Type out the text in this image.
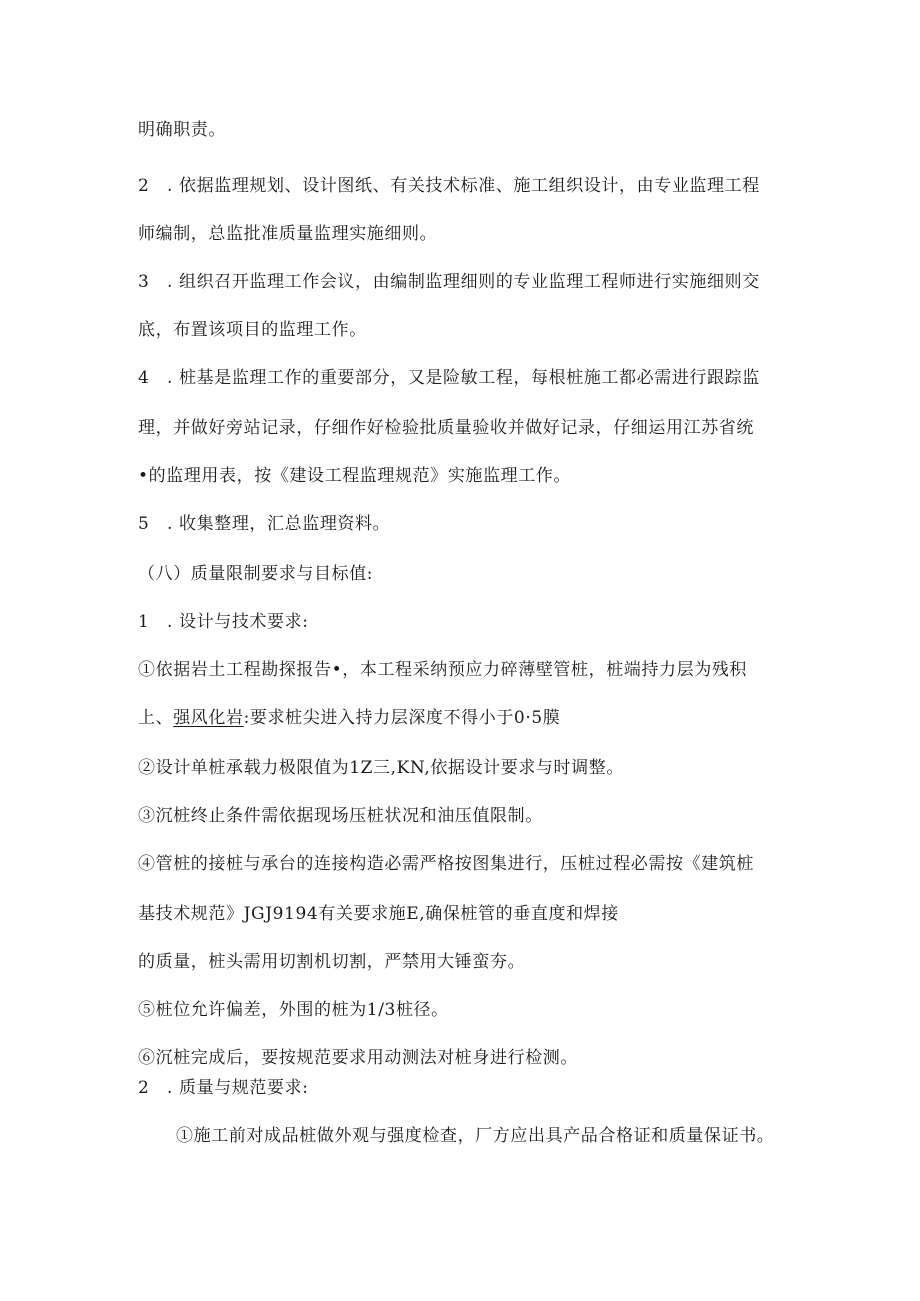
明确职责。
2　. 依据监理规划、设计图纸、有关技术标准、施工组织设计，由专业监理工程
师编制，总监批准质量监理实施细则。
3　. 组织召开监理工作会议，由编制监理细则的专业监理工程师进行实施细则交
底，布置该项目的监理工作。
4　. 桩基是监理工作的重要部分，又是险敏工程，每根桩施工都必需进行跟踪监
理，并做好旁站记录，仔细作好检验批质量验收并做好记录，仔细运用江苏省统
•的监理用表，按《建设工程监理规范》实施监理工作。
5　. 收集整理，汇总监理资料。
（八）质量限制要求与目标值:
1　. 设计与技术要求:
①依据岩土工程勘探报告•，本工程采纳预应力碎薄壁管桩，桩端持力层为残积
上、强风化岩:要求桩尖进入持力层深度不得小于0·5膜
②设计单桩承载力极限值为1Z三,KN,依据设计要求与时调整。
③沉桩终止条件需依据现场压桩状况和油压值限制。
④管桩的接桩与承台的连接构造必需严格按图集进行，压桩过程必需按《建筑桩
基技术规范》JGJ9194有关要求施E,确保桩管的垂直度和焊接
的质量，桩头需用切割机切割，严禁用大锤蛮夯。
⑤桩位允许偏差，外围的桩为1/3桩径。
⑥沉桩完成后，要按规范要求用动测法对桩身进行检测。
2　. 质量与规范要求:
①施工前对成品桩做外观与强度检查，厂方应出具产品合格证和质量保证书。
